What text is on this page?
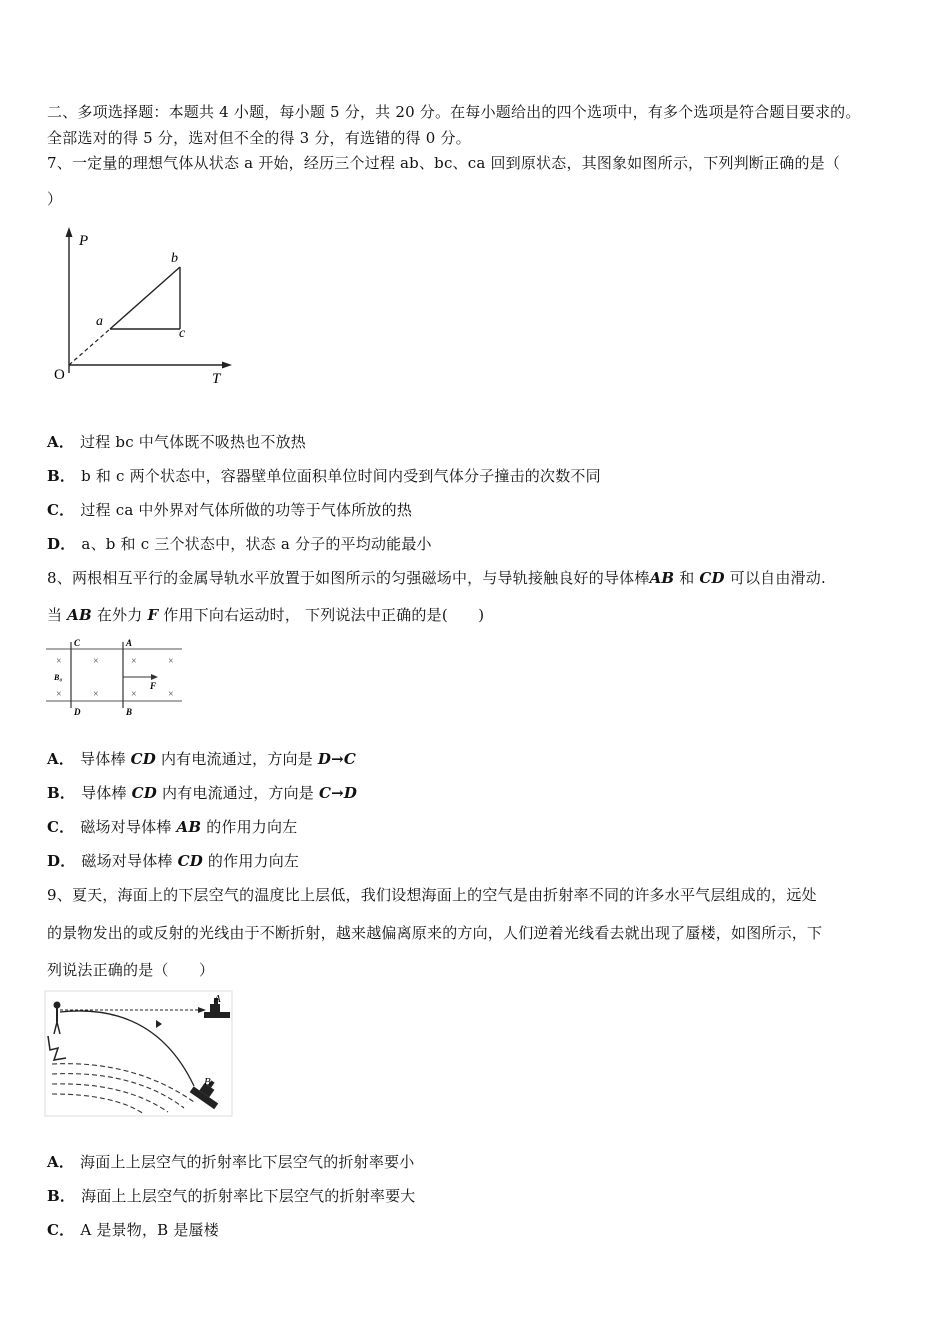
二、多项选择题：本题共 4 小题，每小题 5 分，共 20 分。在每小题给出的四个选项中，有多个选项是符合题目要求的。
全部选对的得 5 分，选对但不全的得 3 分，有选错的得 0 分。
7、一定量的理想气体从状态 a 开始，经历三个过程 ab、bc、ca 回到原状态，其图象如图所示，下列判断正确的是（
）
P
T
O
a
b
c
A． 过程 bc 中气体既不吸热也不放热
B． b 和 c 两个状态中，容器壁单位面积单位时间内受到气体分子撞击的次数不同
C． 过程 ca 中外界对气体所做的功等于气体所放的热
D． a、b 和 c 三个状态中，状态 a 分子的平均动能最小
8、两根相互平行的金属导轨水平放置于如图所示的匀强磁场中，与导轨接触良好的导体棒AB 和 CD 可以自由滑动.
当 AB 在外力 F 作用下向右运动时， 下列说法中正确的是(　　)
×	×	×	×
×	×	×	×
C	A
D	B
B₀
F
A． 导体棒 CD 内有电流通过，方向是 D→C
B． 导体棒 CD 内有电流通过，方向是 C→D
C． 磁场对导体棒 AB 的作用力向左
D． 磁场对导体棒 CD 的作用力向左
9、夏天，海面上的下层空气的温度比上层低，我们设想海面上的空气是由折射率不同的许多水平气层组成的，远处
的景物发出的或反射的光线由于不断折射，越来越偏离原来的方向，人们逆着光线看去就出现了蜃楼，如图所示，下
列说法正确的是（　　）
A
B
A． 海面上上层空气的折射率比下层空气的折射率要小
B． 海面上上层空气的折射率比下层空气的折射率要大
C． A 是景物，B 是蜃楼
